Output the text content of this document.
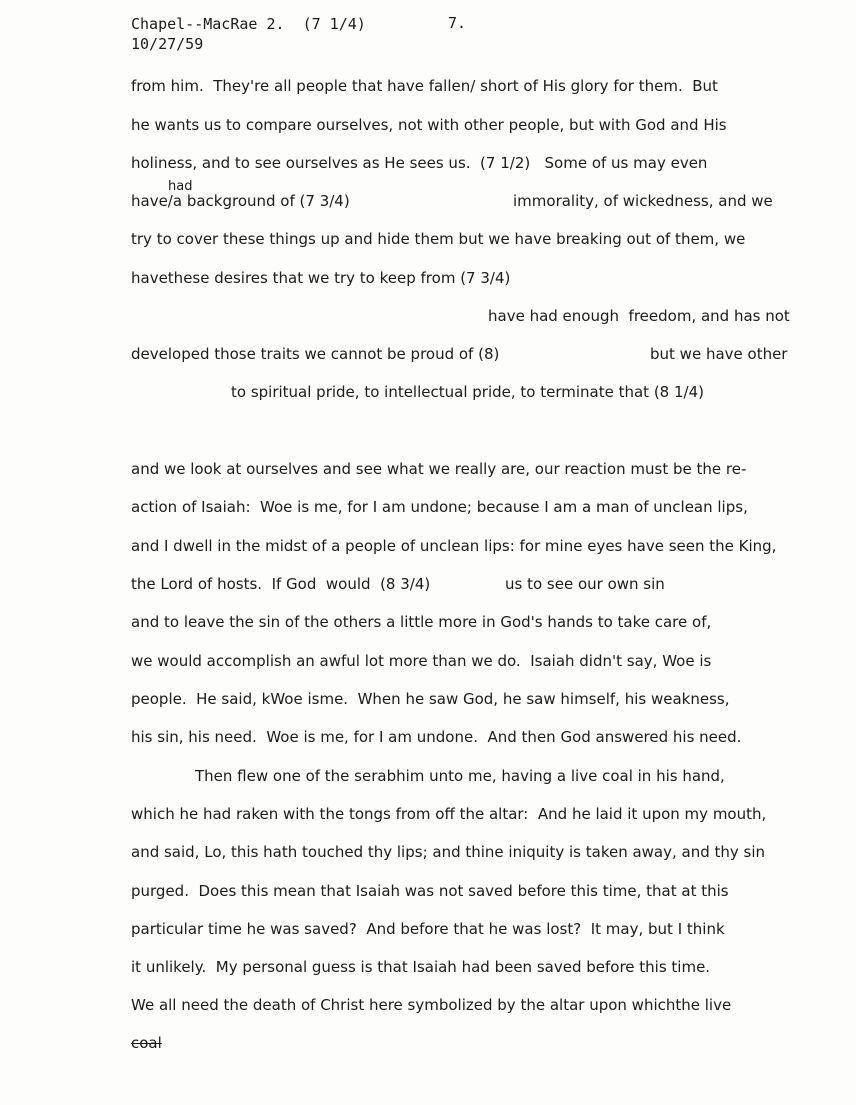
Chapel--MacRae 2.  (7 1/4)
10/27/59
7.
from him.  They're all people that have fallen/ short of His glory for them.  But
he wants us to compare ourselves, not with other people, but with God and His
holiness, and to see ourselves as He sees us.  (7 1/2)   Some of us may even
had
have/a background of (7 3/4)	immorality, of wickedness, and we
try to cover these things up and hide them but we have breaking out of them, we
havethese desires that we try to keep from (7 3/4)
have had enough  freedom, and has not
developed those traits we cannot be proud of (8)	but we have other
to spiritual pride, to intellectual pride, to terminate that (8 1/4)
and we look at ourselves and see what we really are, our reaction must be the re-
action of Isaiah:  Woe is me, for I am undone; because I am a man of unclean lips,
and I dwell in the midst of a people of unclean lips: for mine eyes have seen the King,
the Lord of hosts.  If God  would  (8 3/4)	us to see our own sin
and to leave the sin of the others a little more in God's hands to take care of,
we would accomplish an awful lot more than we do.  Isaiah didn't say, Woe is
people.  He said, kWoe isme.  When he saw God, he saw himself, his weakness,
his sin, his need.  Woe is me, for I am undone.  And then God answered his need.
Then flew one of the serabhim unto me, having a live coal in his hand,
which he had raken with the tongs from off the altar:  And he laid it upon my mouth,
and said, Lo, this hath touched thy lips; and thine iniquity is taken away, and thy sin
purged.  Does this mean that Isaiah was not saved before this time, that at this
particular time he was saved?  And before that he was lost?  It may, but I think
it unlikely.  My personal guess is that Isaiah had been saved before this time.
We all need the death of Christ here symbolized by the altar upon whichthe live
coal
